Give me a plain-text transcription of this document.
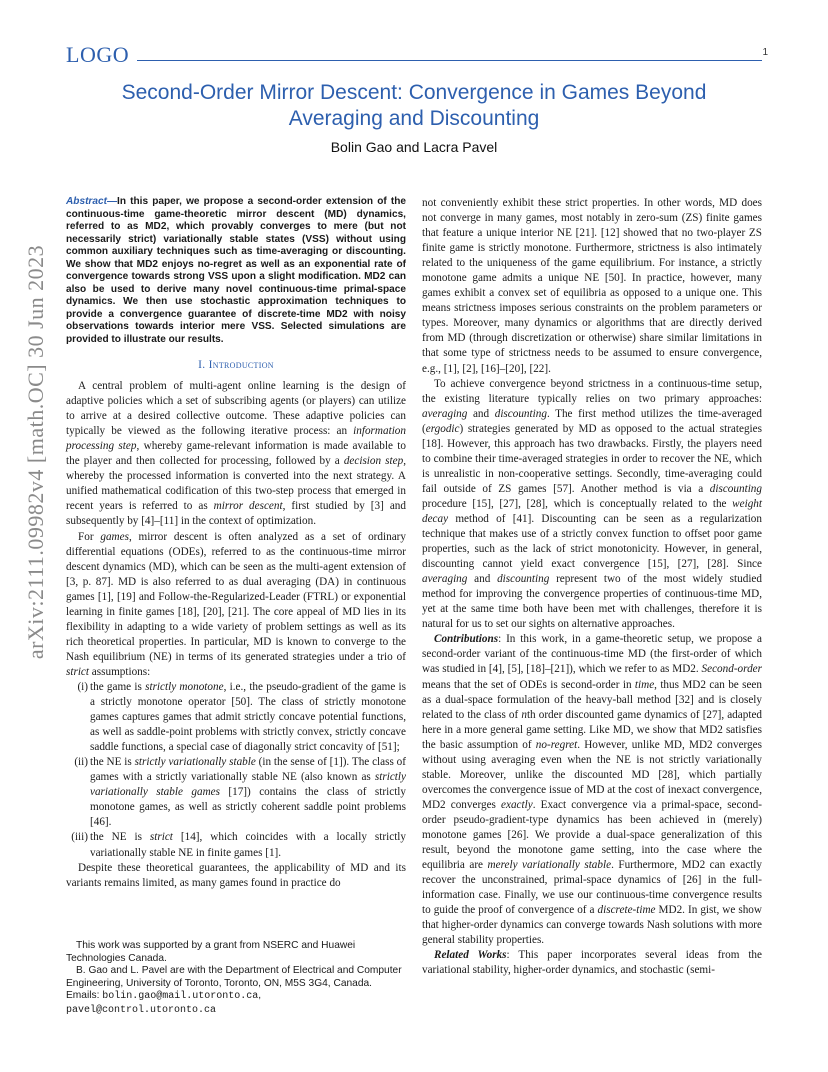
LOGO	1
arXiv:2111.09982v4 [math.OC] 30 Jun 2023
Second-Order Mirror Descent: Convergence in Games Beyond Averaging and Discounting
Bolin Gao and Lacra Pavel
Abstract—In this paper, we propose a second-order extension of the continuous-time game-theoretic mirror descent (MD) dynamics, referred to as MD2, which provably converges to mere (but not necessarily strict) variationally stable states (VSS) without using common auxiliary techniques such as time-averaging or discounting. We show that MD2 enjoys no-regret as well as an exponential rate of convergence towards strong VSS upon a slight modification. MD2 can also be used to derive many novel continuous-time primal-space dynamics. We then use stochastic approximation techniques to provide a convergence guarantee of discrete-time MD2 with noisy observations towards interior mere VSS. Selected simulations are provided to illustrate our results.
I. Introduction

A central problem of multi-agent online learning is the design of adaptive policies which a set of subscribing agents (or players) can utilize to arrive at a desired collective outcome. These adaptive policies can typically be viewed as the following iterative process: an information processing step, whereby game-relevant information is made available to the player and then collected for processing, followed by a decision step, whereby the processed information is converted into the next strategy. A unified mathematical codification of this two-step process that emerged in recent years is referred to as mirror descent, first studied by [3] and subsequently by [4]–[11] in the context of optimization.

For games, mirror descent is often analyzed as a set of ordinary differential equations (ODEs), referred to as the continuous-time mirror descent dynamics (MD), which can be seen as the multi-agent extension of [3, p. 87]. MD is also referred to as dual averaging (DA) in continuous games [1], [19] and Follow-the-Regularized-Leader (FTRL) or exponential learning in finite games [18], [20], [21]. The core appeal of MD lies in its flexibility in adapting to a wide variety of problem settings as well as its rich theoretical properties. In particular, MD is known to converge to the Nash equilibrium (NE) in terms of its generated strategies under a trio of strict assumptions:

(i) the game is strictly monotone, i.e., the pseudo-gradient of the game is a strictly monotone operator [50]. The class of strictly monotone games captures games that admit strictly concave potential functions, as well as saddle-point problems with strictly convex, strictly concave saddle functions, a special case of diagonally strict concavity of [51];
(ii) the NE is strictly variationally stable (in the sense of [1]). The class of games with a strictly variationally stable NE (also known as strictly variationally stable games [17]) contains the class of strictly monotone games, as well as strictly coherent saddle point problems [46].
(iii) the NE is strict [14], which coincides with a locally strictly variationally stable NE in finite games [1].

Despite these theoretical guarantees, the applicability of MD and its variants remains limited, as many games found in practice do

This work was supported by a grant from NSERC and Huawei Technologies Canada.

B. Gao and L. Pavel are with the Department of Electrical and Computer Engineering, University of Toronto, Toronto, ON, M5S 3G4, Canada. Emails: bolin.gao@mail.utoronto.ca, pavel@control.utoronto.ca

not conveniently exhibit these strict properties. In other words, MD does not converge in many games, most notably in zero-sum (ZS) finite games that feature a unique interior NE [21]. [12] showed that no two-player ZS finite game is strictly monotone. Furthermore, strictness is also intimately related to the uniqueness of the game equilibrium. For instance, a strictly monotone game admits a unique NE [50]. In practice, however, many games exhibit a convex set of equilibria as opposed to a unique one. This means strictness imposes serious constraints on the problem parameters or types. Moreover, many dynamics or algorithms that are directly derived from MD (through discretization or otherwise) share similar limitations in that some type of strictness needs to be assumed to ensure convergence, e.g., [1], [2], [16]–[20], [22].

To achieve convergence beyond strictness in a continuous-time setup, the existing literature typically relies on two primary approaches: averaging and discounting. The first method utilizes the time-averaged (ergodic) strategies generated by MD as opposed to the actual strategies [18]. However, this approach has two drawbacks. Firstly, the players need to combine their time-averaged strategies in order to recover the NE, which is unrealistic in non-cooperative settings. Secondly, time-averaging could fail outside of ZS games [57]. Another method is via a discounting procedure [15], [27], [28], which is conceptually related to the weight decay method of [41]. Discounting can be seen as a regularization technique that makes use of a strictly convex function to offset poor game properties, such as the lack of strict monotonicity. However, in general, discounting cannot yield exact convergence [15], [27], [28]. Since averaging and discounting represent two of the most widely studied method for improving the convergence properties of continuous-time MD, yet at the same time both have been met with challenges, therefore it is natural for us to set our sights on alternative approaches.

Contributions: In this work, in a game-theoretic setup, we propose a second-order variant of the continuous-time MD (the first-order of which was studied in [4], [5], [18]–[21]), which we refer to as MD2. Second-order means that the set of ODEs is second-order in time, thus MD2 can be seen as a dual-space formulation of the heavy-ball method [32] and is closely related to the class of nth order discounted game dynamics of [27], adapted here in a more general game setting. Like MD, we show that MD2 satisfies the basic assumption of no-regret. However, unlike MD, MD2 converges without using averaging even when the NE is not strictly variationally stable. Moreover, unlike the discounted MD [28], which partially overcomes the convergence issue of MD at the cost of inexact convergence, MD2 converges exactly. Exact convergence via a primal-space, second-order pseudo-gradient-type dynamics has been achieved in (merely) monotone games [26]. We provide a dual-space generalization of this result, beyond the monotone game setting, into the case where the equilibria are merely variationally stable. Furthermore, MD2 can exactly recover the unconstrained, primal-space dynamics of [26] in the full-information case. Finally, we use our continuous-time convergence results to guide the proof of convergence of a discrete-time MD2. In gist, we show that higher-order dynamics can converge towards Nash solutions with more general stability properties.

Related Works: This paper incorporates several ideas from the variational stability, higher-order dynamics, and stochastic (semi-
